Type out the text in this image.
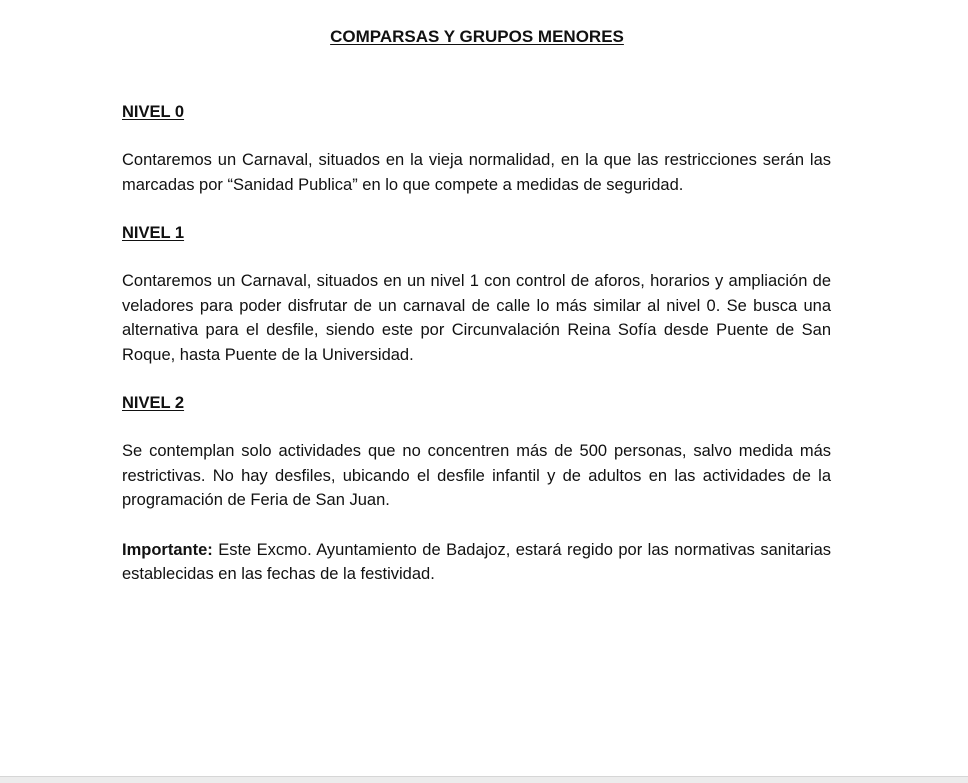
COMPARSAS Y GRUPOS MENORES

NIVEL 0

Contaremos un Carnaval, situados en la vieja normalidad, en la que las restricciones serán las marcadas por “Sanidad Publica” en lo que compete a medidas de seguridad.

NIVEL 1

Contaremos un Carnaval, situados en un nivel 1 con control de aforos, horarios y ampliación de veladores para poder disfrutar de un carnaval de calle lo más similar al nivel 0. Se busca una alternativa para el desfile, siendo este por Circunvalación Reina Sofía desde Puente de San Roque, hasta Puente de la Universidad.

NIVEL 2

Se contemplan solo actividades que no concentren más de 500 personas, salvo medida más restrictivas. No hay desfiles, ubicando el desfile infantil y de adultos en las actividades de la programación de Feria de San Juan.

Importante: Este Excmo. Ayuntamiento de Badajoz, estará regido por las normativas sanitarias establecidas en las fechas de la festividad.
